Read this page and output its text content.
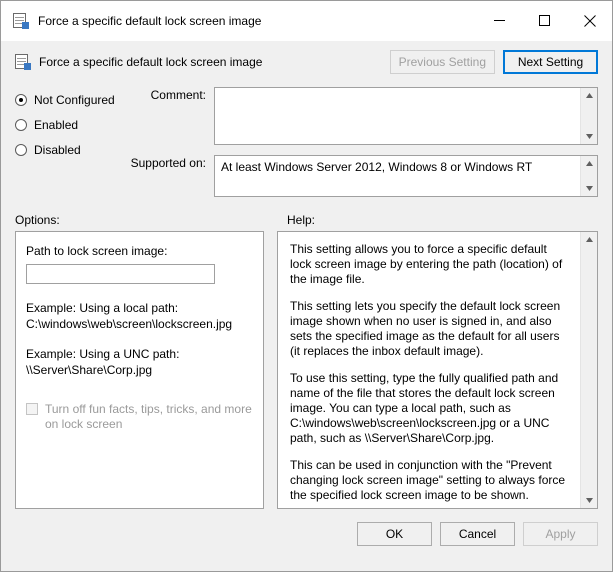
Force a specific default lock screen image
Force a specific default lock screen image	Previous Setting	Next Setting
Not Configured
Enabled
Disabled
Comment:
Supported on:	At least Windows Server 2012, Windows 8 or Windows RT
Options:	Help:
Path to lock screen image:
Example: Using a local path:
C:\windows\web\screen\lockscreen.jpg
Example: Using a UNC path:
\\Server\Share\Corp.jpg
Turn off fun facts, tips, tricks, and more on lock screen

This setting allows you to force a specific default lock screen image by entering the path (location) of the image file.

This setting lets you specify the default lock screen image shown when no user is signed in, and also sets the specified image as the default for all users (it replaces the inbox default image).

To use this setting, type the fully qualified path and name of the file that stores the default lock screen image. You can type a local path, such as C:\windows\web\screen\lockscreen.jpg or a UNC path, such as \\Server\Share\Corp.jpg.

This can be used in conjunction with the "Prevent changing lock screen image" setting to always force the specified lock screen image to be shown.

OK	Cancel	Apply
